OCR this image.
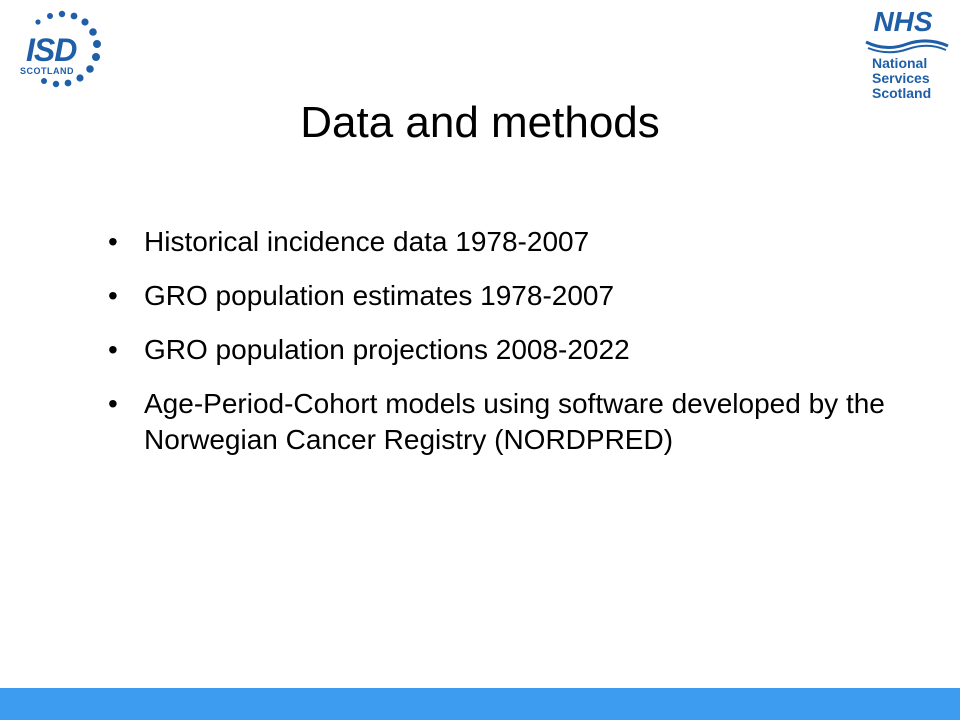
ISD
SCOTLAND
NHS
National
Services
Scotland
Data and methods
• Historical incidence data 1978-2007
• GRO population estimates 1978-2007
• GRO population projections 2008-2022
• Age-Period-Cohort models using software developed by the Norwegian Cancer Registry (NORDPRED)
